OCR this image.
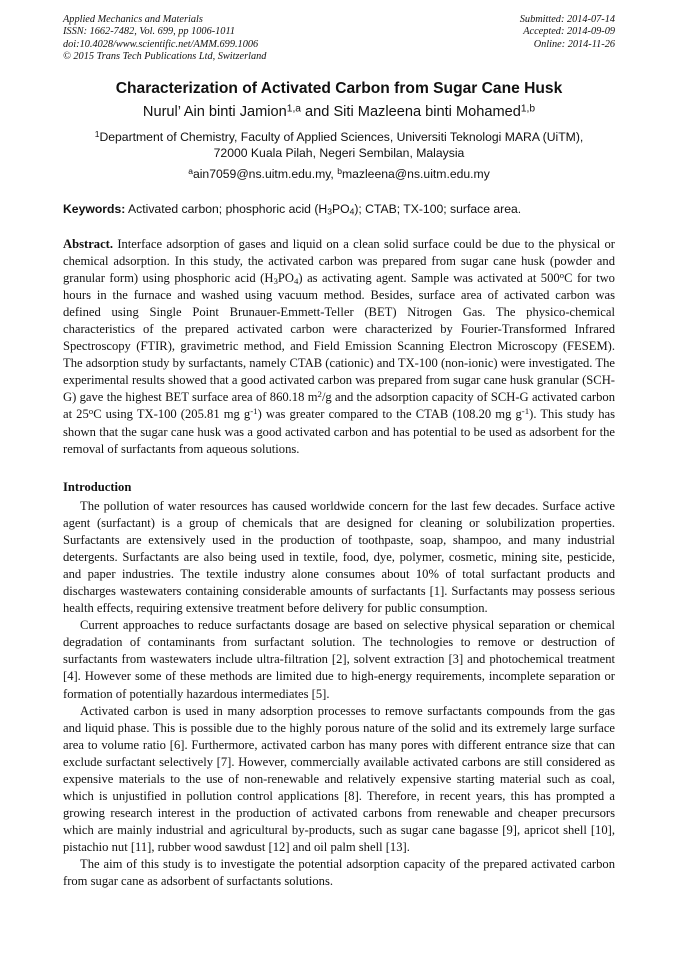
Applied Mechanics and Materials
ISSN: 1662-7482, Vol. 699, pp 1006-1011
doi:10.4028/www.scientific.net/AMM.699.1006
© 2015 Trans Tech Publications Ltd, Switzerland
Submitted: 2014-07-14
Accepted: 2014-09-09
Online: 2014-11-26
Characterization of Activated Carbon from Sugar Cane Husk
Nurul’ Ain binti Jamion$^{1,a}$ and Siti Mazleena binti Mohamed$^{1,b}$
$^1$Department of Chemistry, Faculty of Applied Sciences, Universiti Teknologi MARA (UiTM),
72000 Kuala Pilah, Negeri Sembilan, Malaysia
$^a$ain7059@ns.uitm.edu.my, $^b$mazleena@ns.uitm.edu.my
Keywords: Activated carbon; phosphoric acid $(H_3PO_4)$; CTAB; TX-100; surface area.
Abstract. Interface adsorption of gases and liquid on a clean solid surface could be due to the physical or chemical adsorption. In this study, the activated carbon was prepared from sugar cane husk (powder and granular form) using phosphoric acid $(H_3PO_4)$ as activating agent. Sample was activated at 500$^o$C for two hours in the furnace and washed using vacuum method. Besides, surface area of activated carbon was defined using Single Point Brunauer-Emmett-Teller (BET) Nitrogen Gas. The physico-chemical characteristics of the prepared activated carbon were characterized by Fourier-Transformed Infrared Spectroscopy (FTIR), gravimetric method, and Field Emission Scanning Electron Microscopy (FESEM). The adsorption study by surfactants, namely CTAB (cationic) and TX-100 (non-ionic) were investigated. The experimental results showed that a good activated carbon was prepared from sugar cane husk granular (SCH-G) gave the highest BET surface area of 860.18 $m^2/g$ and the adsorption capacity of SCH-G activated carbon at 25$^o$C using TX-100 (205.81 mg $g^{-1}$) was greater compared to the CTAB (108.20 mg $g^{-1}$). This study has shown that the sugar cane husk was a good activated carbon and has potential to be used as adsorbent for the removal of surfactants from aqueous solutions.
Introduction

The pollution of water resources has caused worldwide concern for the last few decades. Surface active agent (surfactant) is a group of chemicals that are designed for cleaning or solubilization properties. Surfactants are extensively used in the production of toothpaste, soap, shampoo, and many industrial detergents. Surfactants are also being used in textile, food, dye, polymer, cosmetic, mining site, pesticide, and paper industries. The textile industry alone consumes about 10% of total surfactant products and discharges wastewaters containing considerable amounts of surfactants [1]. Surfactants may possess serious health effects, requiring extensive treatment before delivery for public consumption.

Current approaches to reduce surfactants dosage are based on selective physical separation or chemical degradation of contaminants from surfactant solution. The technologies to remove or destruction of surfactants from wastewaters include ultra-filtration [2], solvent extraction [3] and photochemical treatment [4]. However some of these methods are limited due to high-energy requirements, incomplete separation or formation of potentially hazardous intermediates [5].

Activated carbon is used in many adsorption processes to remove surfactants compounds from the gas and liquid phase. This is possible due to the highly porous nature of the solid and its extremely large surface area to volume ratio [6]. Furthermore, activated carbon has many pores with different entrance size that can exclude surfactant selectively [7]. However, commercially available activated carbons are still considered as expensive materials to the use of non-renewable and relatively expensive starting material such as coal, which is unjustified in pollution control applications [8]. Therefore, in recent years, this has prompted a growing research interest in the production of activated carbons from renewable and cheaper precursors which are mainly industrial and agricultural by-products, such as sugar cane bagasse [9], apricot shell [10], pistachio nut [11], rubber wood sawdust [12] and oil palm shell [13].

The aim of this study is to investigate the potential adsorption capacity of the prepared activated carbon from sugar cane as adsorbent of surfactants solutions.
